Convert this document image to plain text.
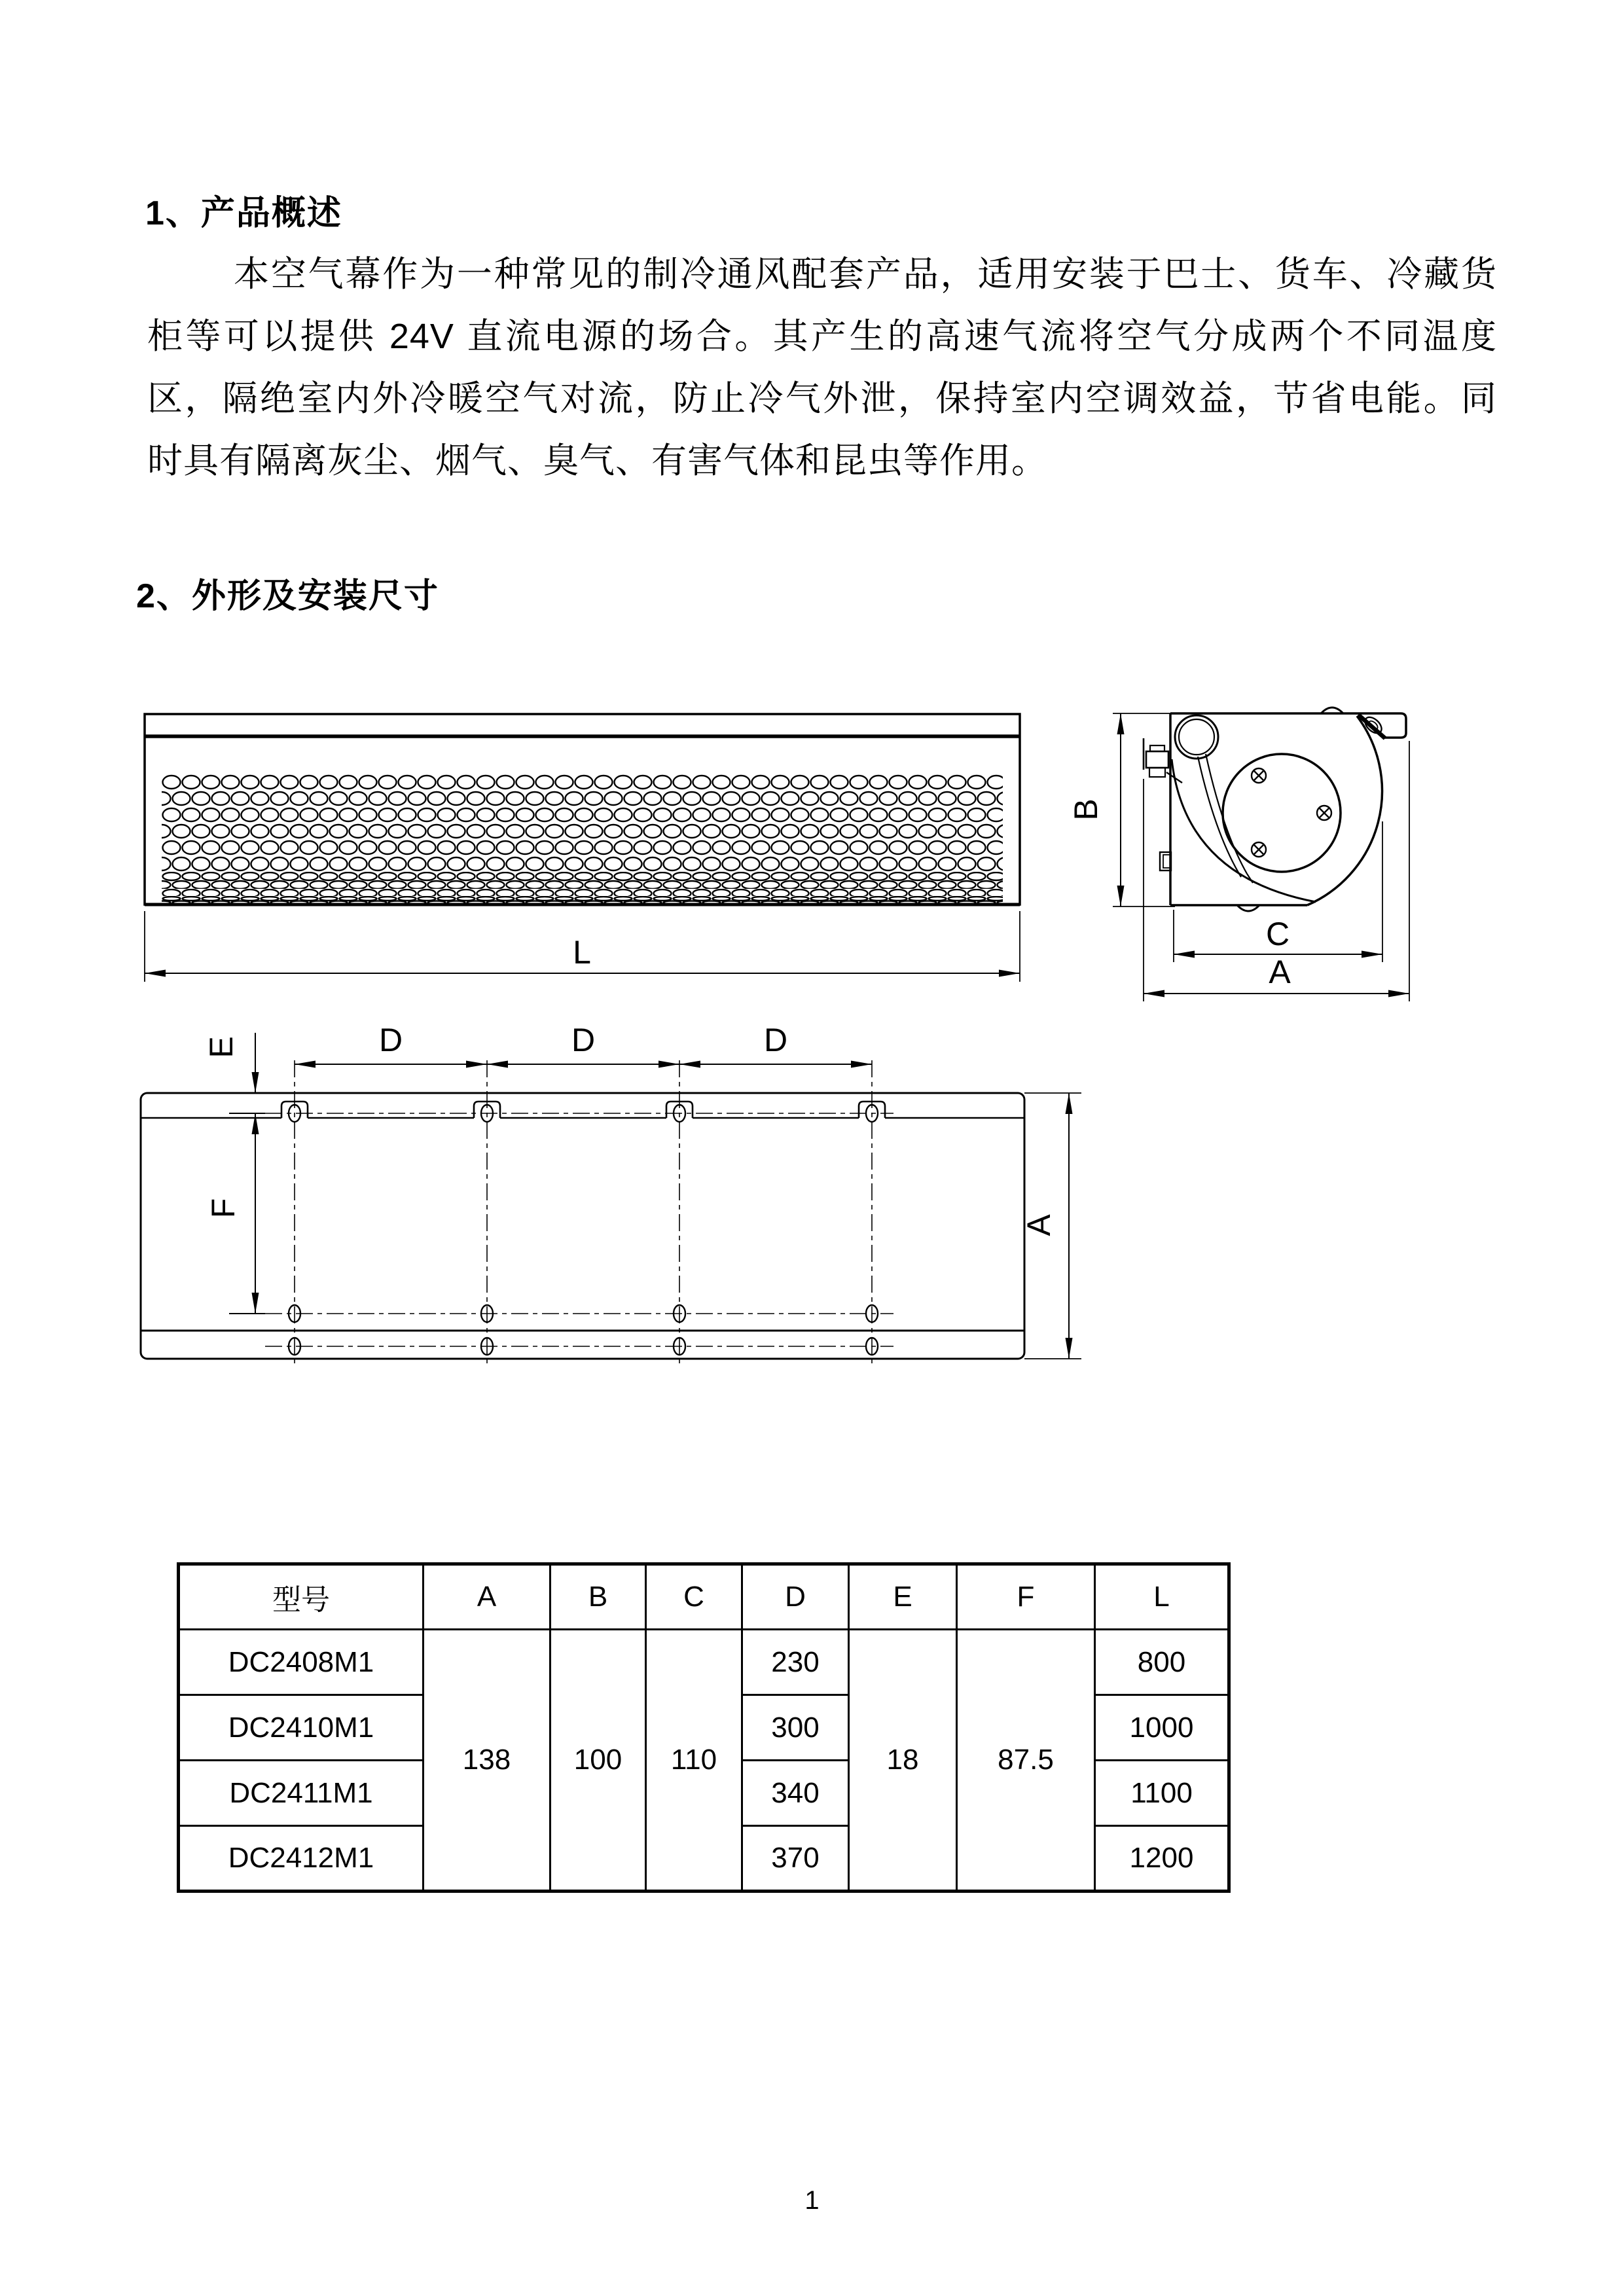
1、产品概述
本空气幕作为一种常见的制冷通风配套产品，适用安装于巴士、货车、冷藏货
柜等可以提供 24V 直流电源的场合。其产生的高速气流将空气分成两个不同温度
区，隔绝室内外冷暖空气对流，防止冷气外泄，保持室内空调效益，节省电能。同
时具有隔离灰尘、烟气、臭气、有害气体和昆虫等作用。
2、外形及安装尺寸
L
B
C
A
D	D	D
E
F
A
型号	A	B	C	D	E	F	L
DC2408M1	138	100	110	230	18	87.5	800
DC2410M1				300			1000
DC2411M1				340			1100
DC2412M1				370			1200
1
